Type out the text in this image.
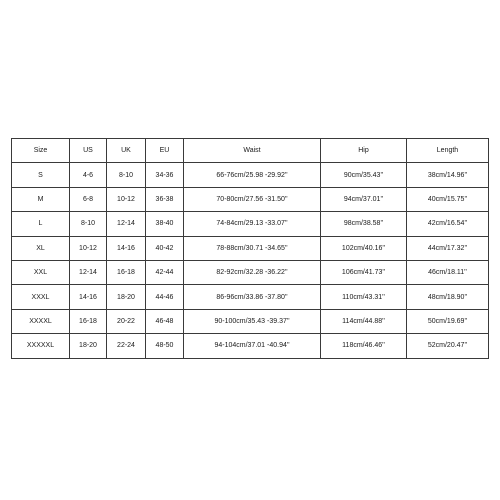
Size	US	UK	EU	Waist	Hip	Length
S	4-6	8-10	34-36	66-76cm/25.98 -29.92''	90cm/35.43''	38cm/14.96''
M	6-8	10-12	36-38	70-80cm/27.56 -31.50''	94cm/37.01''	40cm/15.75''
L	8-10	12-14	38-40	74-84cm/29.13 -33.07''	98cm/38.58''	42cm/16.54''
XL	10-12	14-16	40-42	78-88cm/30.71 -34.65''	102cm/40.16''	44cm/17.32''
XXL	12-14	16-18	42-44	82-92cm/32.28 -36.22''	106cm/41.73''	46cm/18.11''
XXXL	14-16	18-20	44-46	86-96cm/33.86 -37.80''	110cm/43.31''	48cm/18.90''
XXXXL	16-18	20-22	46-48	90-100cm/35.43 -39.37''	114cm/44.88''	50cm/19.69''
XXXXXL	18-20	22-24	48-50	94-104cm/37.01 -40.94''	118cm/46.46''	52cm/20.47''
